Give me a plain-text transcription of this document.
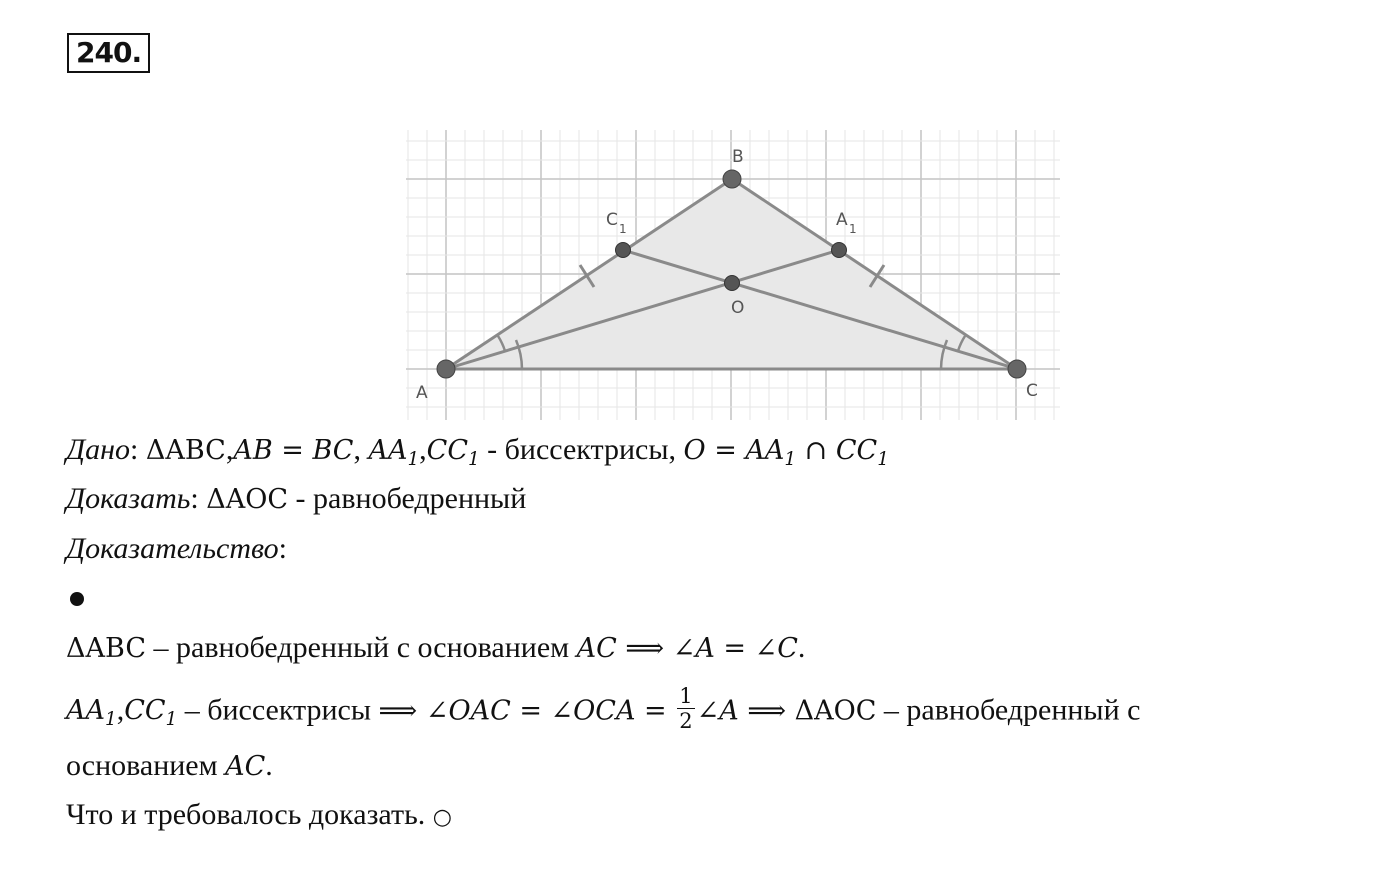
240.
A
B
C
C 1	A 1
O
Дано: ΔABC,AB = BC, $AA_1,CC_1$ - биссектрисы, $O = AA_1$ ∩ $CC_1$
Доказать: ΔAOC - равнобедренный
Доказательство:
ΔABC – равнобедренный с основанием AC ⟹ ∠A = ∠C.
$AA_1,CC_1$ – биссектрисы ⟹ ∠OAC = ∠OCA = $\frac{1}{2}$ ∠A ⟹ ΔAOC – равнобедренный с
основанием AC.
Что и требовалось доказать. ○
